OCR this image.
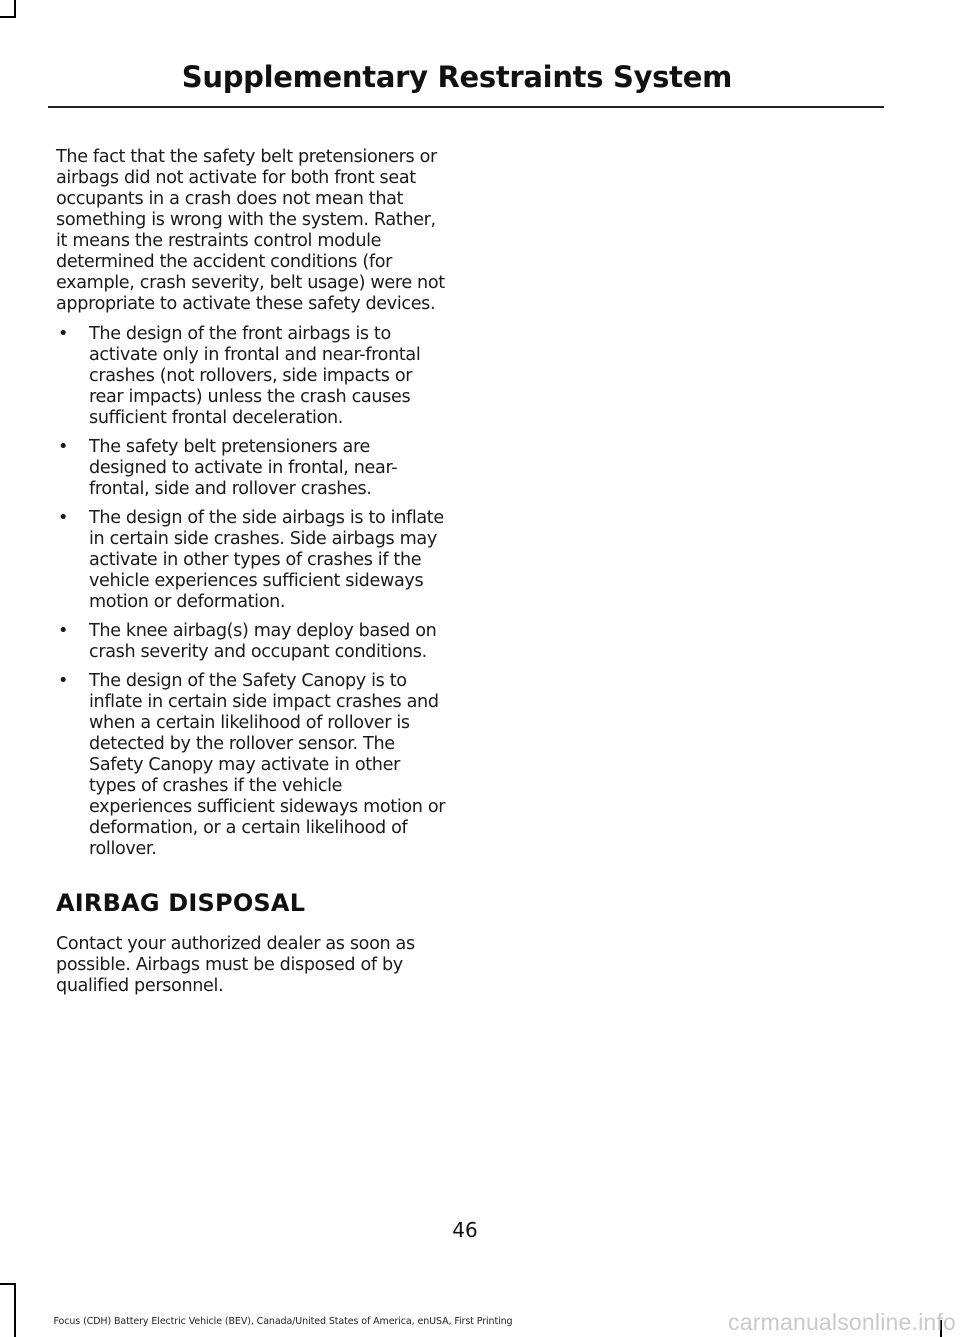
Supplementary Restraints System

The fact that the safety belt pretensioners or airbags did not activate for both front seat occupants in a crash does not mean that something is wrong with the system. Rather, it means the restraints control module determined the accident conditions (for example, crash severity, belt usage) were not appropriate to activate these safety devices.

• The design of the front airbags is to activate only in frontal and near-frontal crashes (not rollovers, side impacts or rear impacts) unless the crash causes sufficient frontal deceleration.
• The safety belt pretensioners are designed to activate in frontal, near-frontal, side and rollover crashes.
• The design of the side airbags is to inflate in certain side crashes. Side airbags may activate in other types of crashes if the vehicle experiences sufficient sideways motion or deformation.
• The knee airbag(s) may deploy based on crash severity and occupant conditions.
• The design of the Safety Canopy is to inflate in certain side impact crashes and when a certain likelihood of rollover is detected by the rollover sensor. The Safety Canopy may activate in other types of crashes if the vehicle experiences sufficient sideways motion or deformation, or a certain likelihood of rollover.
AIRBAG DISPOSAL

Contact your authorized dealer as soon as possible. Airbags must be disposed of by qualified personnel.

46
Focus (CDH) Battery Electric Vehicle (BEV), Canada/United States of America, enUSA, First Printing	carmanualsonline.info
